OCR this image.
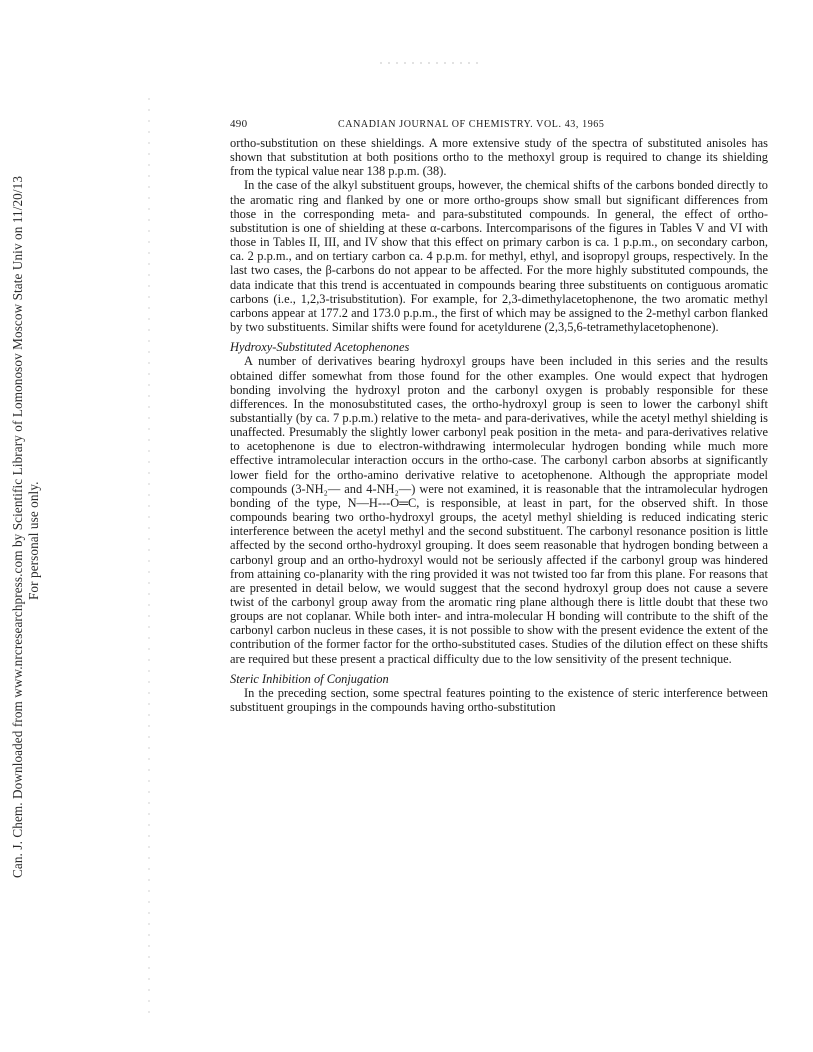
Can. J. Chem. Downloaded from www.nrcresearchpress.com by Scientific Library of Lomonosov Moscow State Univ on 11/20/13 For personal use only.
490	CANADIAN JOURNAL OF CHEMISTRY. VOL. 43, 1965

ortho-substitution on these shieldings. A more extensive study of the spectra of substituted anisoles has shown that substitution at both positions ortho to the methoxyl group is required to change its shielding from the typical value near 138 p.p.m. (38).

In the case of the alkyl substituent groups, however, the chemical shifts of the carbons bonded directly to the aromatic ring and flanked by one or more ortho-groups show small but significant differences from those in the corresponding meta- and para-substituted compounds. In general, the effect of ortho-substitution is one of shielding at these α-carbons. Intercomparisons of the figures in Tables V and VI with those in Tables II, III, and IV show that this effect on primary carbon is ca. 1 p.p.m., on secondary carbon, ca. 2 p.p.m., and on tertiary carbon ca. 4 p.p.m. for methyl, ethyl, and isopropyl groups, respectively. In the last two cases, the β-carbons do not appear to be affected. For the more highly substituted compounds, the data indicate that this trend is accentuated in compounds bearing three substituents on contiguous aromatic carbons (i.e., 1,2,3-trisubstitution). For example, for 2,3-dimethylacetophenone, the two aromatic methyl carbons appear at 177.2 and 173.0 p.p.m., the first of which may be assigned to the 2-methyl carbon flanked by two substituents. Similar shifts were found for acetyldurene (2,3,5,6-tetramethylacetophenone).

Hydroxy-Substituted Acetophenones

A number of derivatives bearing hydroxyl groups have been included in this series and the results obtained differ somewhat from those found for the other examples. One would expect that hydrogen bonding involving the hydroxyl proton and the carbonyl oxygen is probably responsible for these differences. In the monosubstituted cases, the ortho-hydroxyl group is seen to lower the carbonyl shift substantially (by ca. 7 p.p.m.) relative to the meta- and para-derivatives, while the acetyl methyl shielding is unaffected. Presumably the slightly lower carbonyl peak position in the meta- and para-derivatives relative to acetophenone is due to electron-withdrawing intermolecular hydrogen bonding while much more effective intramolecular interaction occurs in the ortho-case. The carbonyl carbon absorbs at significantly lower field for the ortho-amino derivative relative to acetophenone. Although the appropriate model compounds (3-NH₂— and 4-NH₂—) were not examined, it is reasonable that the intramolecular hydrogen bonding of the type, N—H---O═C, is responsible, at least in part, for the observed shift. In those compounds bearing two ortho-hydroxyl groups, the acetyl methyl shielding is reduced indicating steric interference between the acetyl methyl and the second substituent. The carbonyl resonance position is little affected by the second ortho-hydroxyl grouping. It does seem reasonable that hydrogen bonding between a carbonyl group and an ortho-hydroxyl would not be seriously affected if the carbonyl group was hindered from attaining co-planarity with the ring provided it was not twisted too far from this plane. For reasons that are presented in detail below, we would suggest that the second hydroxyl group does not cause a severe twist of the carbonyl group away from the aromatic ring plane although there is little doubt that these two groups are not coplanar. While both inter- and intra-molecular H bonding will contribute to the shift of the carbonyl carbon nucleus in these cases, it is not possible to show with the present evidence the extent of the contribution of the former factor for the ortho-substituted cases. Studies of the dilution effect on these shifts are required but these present a practical difficulty due to the low sensitivity of the present technique.

Steric Inhibition of Conjugation

In the preceding section, some spectral features pointing to the existence of steric interference between substituent groupings in the compounds having ortho-substitution
